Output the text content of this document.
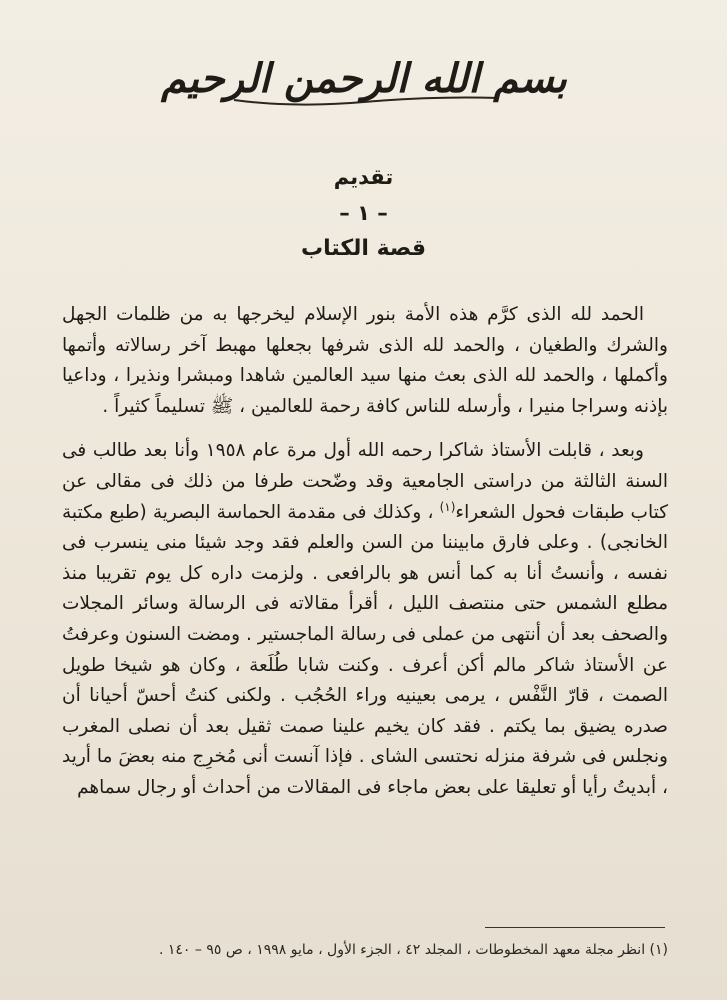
بسم الله الرحمن الرحيم
تقديم
– ١ –
قصة الكتاب

الحمد لله الذى كرَّم هذه الأمة بنور الإسلام ليخرجها به من ظلمات الجهل والشرك والطغيان ، والحمد لله الذى شرفها بجعلها مهبط آخر رسالاته وأتمها وأكملها ، والحمد لله الذى بعث منها سيد العالمين شاهدا ومبشرا ونذيرا ، وداعيا بإذنه وسراجا منيرا ، وأرسله للناس كافة رحمة للعالمين ، ﷺ تسليماً كثيراً .

وبعد ، قابلت الأستاذ شاكرا رحمه الله أول مرة عام ١٩٥٨ وأنا بعد طالب فى السنة الثالثة من دراستى الجامعية وقد وضّحت طرفا من ذلك فى مقالى عن كتاب طبقات فحول الشعراء$^{(١)}$ ، وكذلك فى مقدمة الحماسة البصرية (طبع مكتبة الخانجى) . وعلى فارق مابيننا من السن والعلم فقد وجد شيئا منى ينسرب فى نفسه ، وأنستُ أنا به كما أنس هو بالرافعى . ولزمت داره كل يوم تقريبا منذ مطلع الشمس حتى منتصف الليل ، أقرأ مقالاته فى الرسالة وسائر المجلات والصحف بعد أن أنتهى من عملى فى رسالة الماجستير . ومضت السنون وعرفتُ عن الأستاذ شاكر مالم أكن أعرف . وكنت شابا طُلَعة ، وكان هو شيخا طويل الصمت ، قارّ النَّفْس ، يرمى بعينيه وراء الحُجُب . ولكنى كنتُ أحسّ أحيانا أن صدره يضيق بما يكتم . فقد كان يخيم علينا صمت ثقيل بعد أن نصلى المغرب ونجلس فى شرفة منزله نحتسى الشاى . فإذا آنست أنى مُخرِج منه بعضَ ما أريد ، أبديتُ رأيا أو تعليقا على بعض ماجاء فى المقالات من أحداث أو رجال سماهم

(١) انظر مجلة معهد المخطوطات ، المجلد ٤٢ ، الجزء الأول ، مايو ١٩٩٨ ، ص ٩٥ – ١٤٠ .
